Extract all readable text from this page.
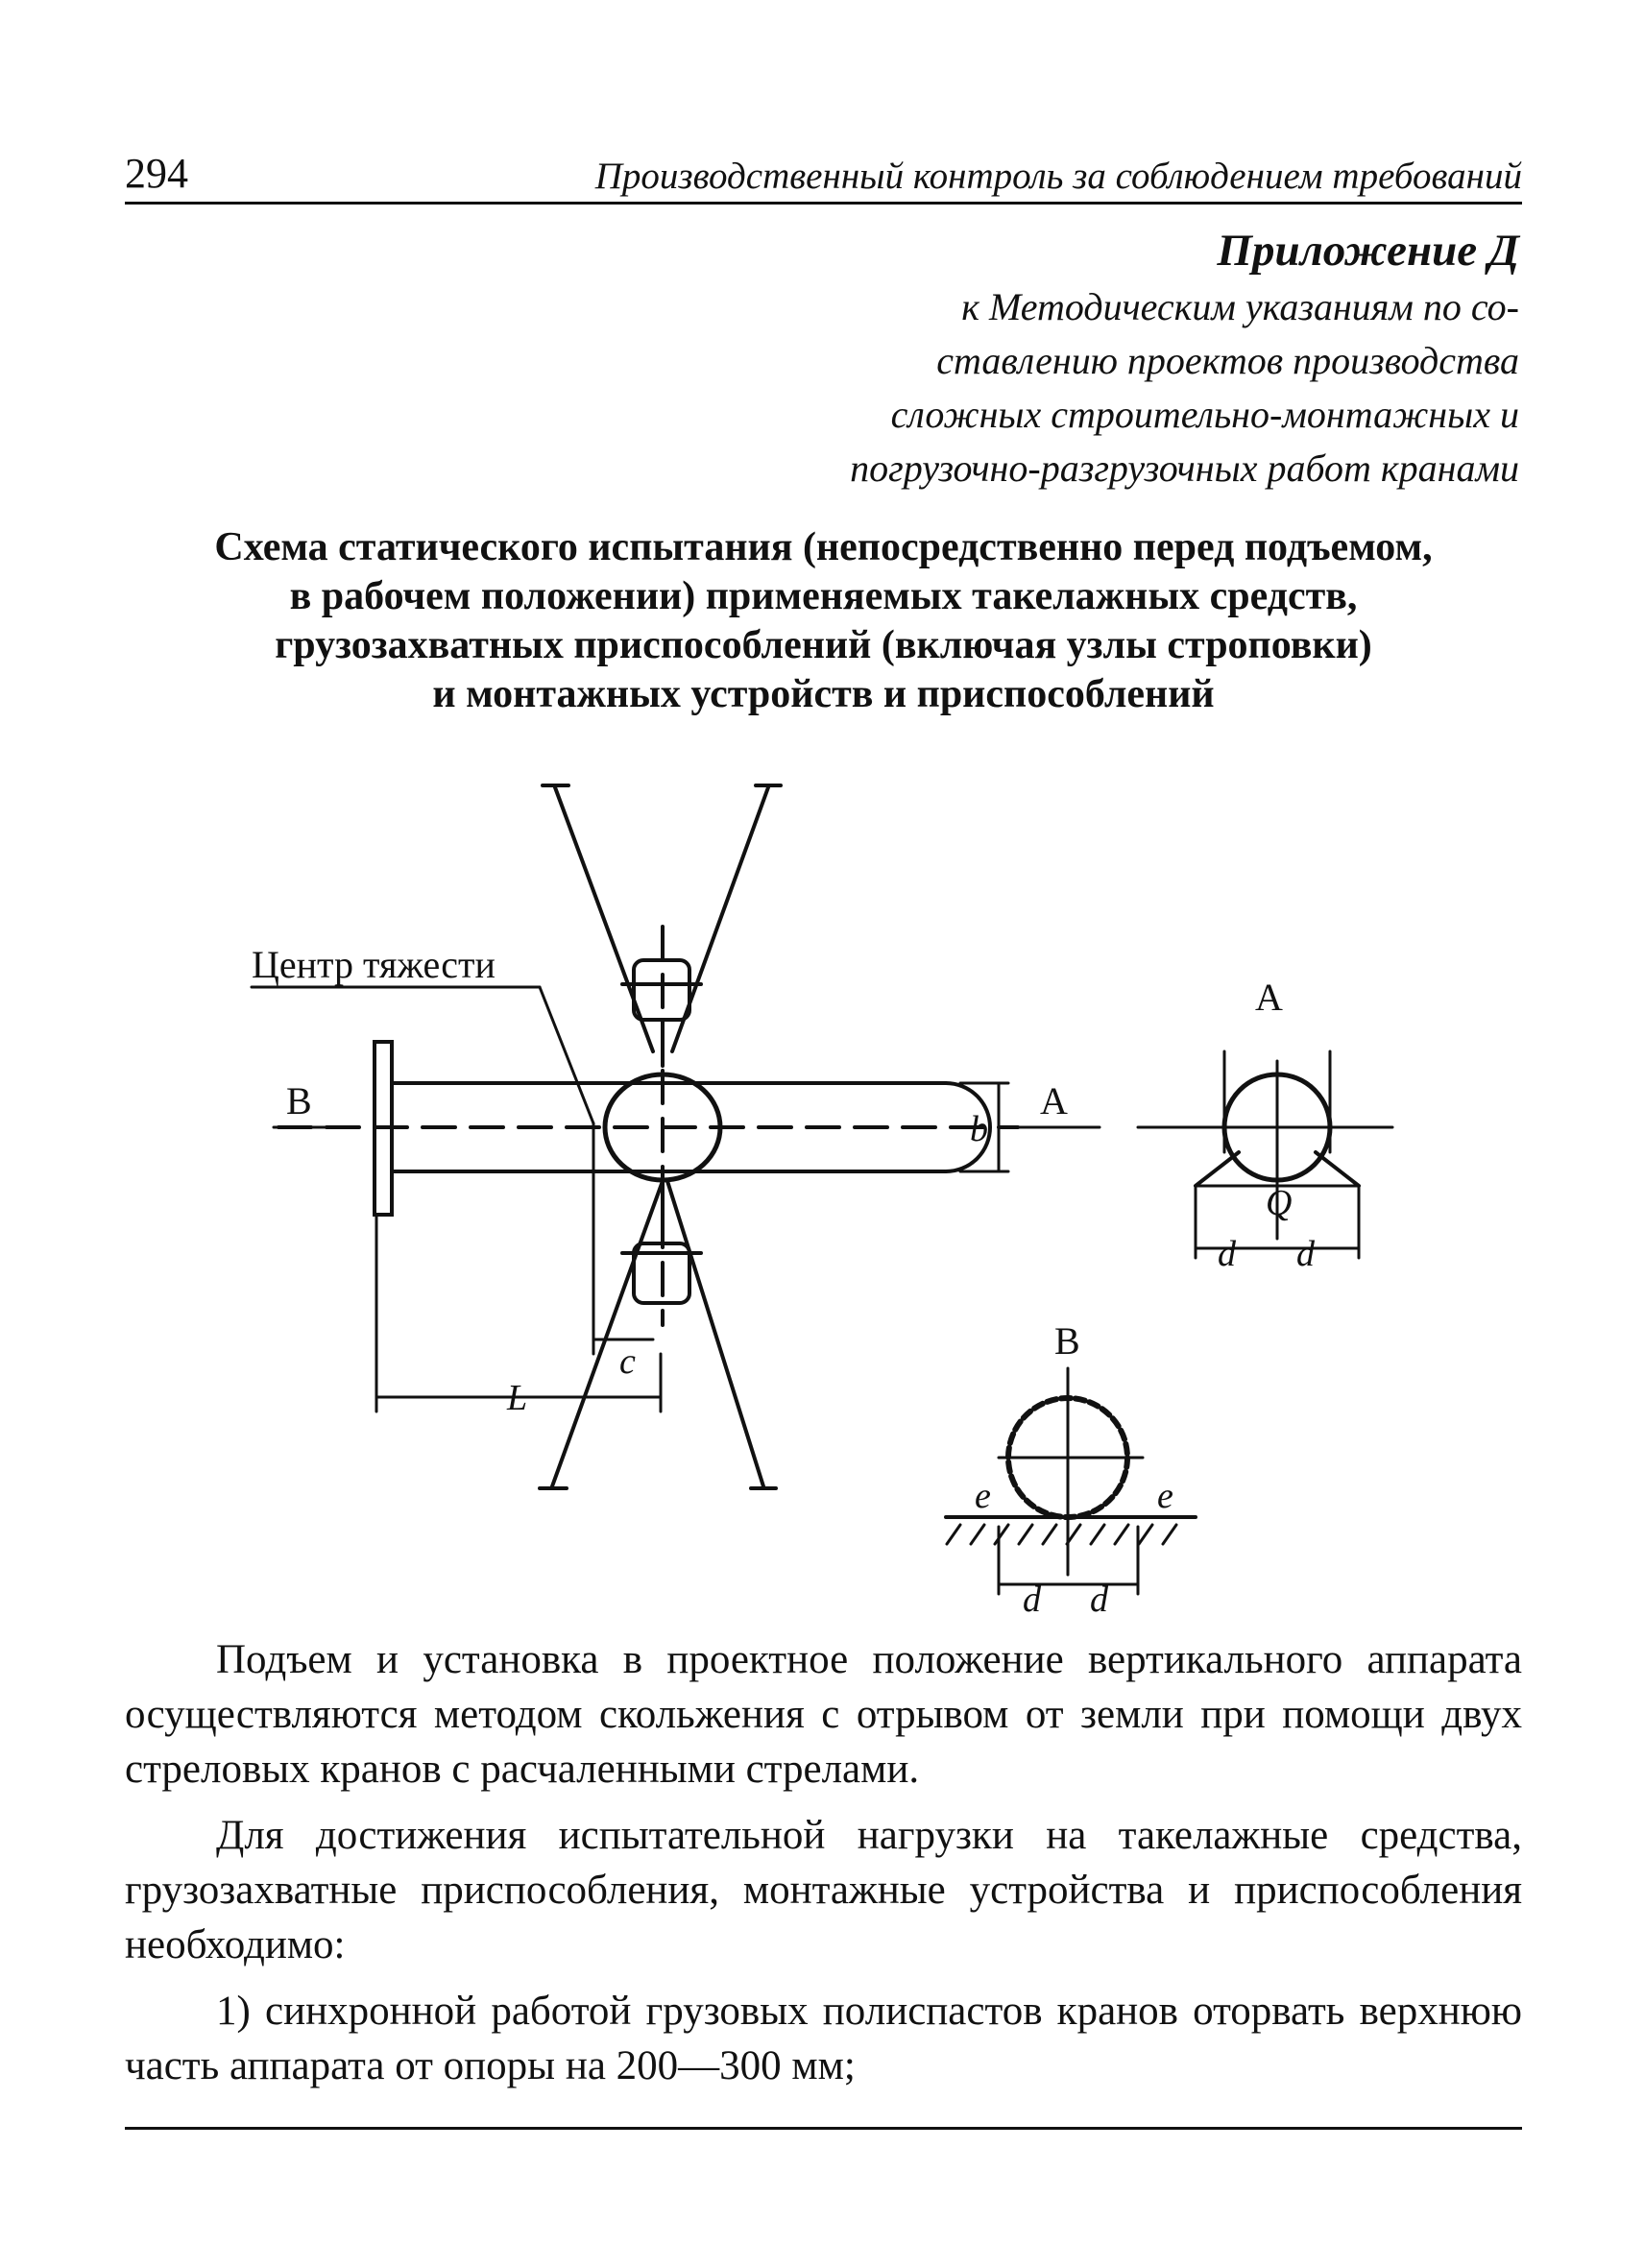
294	Производственный контроль за соблюдением требований
Приложение Д
к Методическим указаниям по со-
ставлению проектов производства
сложных строительно-монтажных и
погрузочно-разгрузочных работ кранами
Схема статического испытания (непосредственно перед подъемом,
в рабочем положении) применяемых такелажных средств,
грузозахватных приспособлений (включая узлы строповки)
и монтажных устройств и приспособлений
Центр тяжести
В	А
b
c
L
А
Q
d d
В
e	e
d d

Подъем и установка в проектное положение вертикального аппарата осуществляются методом скольжения с отрывом от земли при помощи двух стреловых кранов с расчаленными стрелами.

Для достижения испытательной нагрузки на такелажные средства, грузозахватные приспособления, монтажные устройства и приспособления необходимо:

1) синхронной работой грузовых полиспастов кранов оторвать верхнюю часть аппарата от опоры на 200—300 мм;
